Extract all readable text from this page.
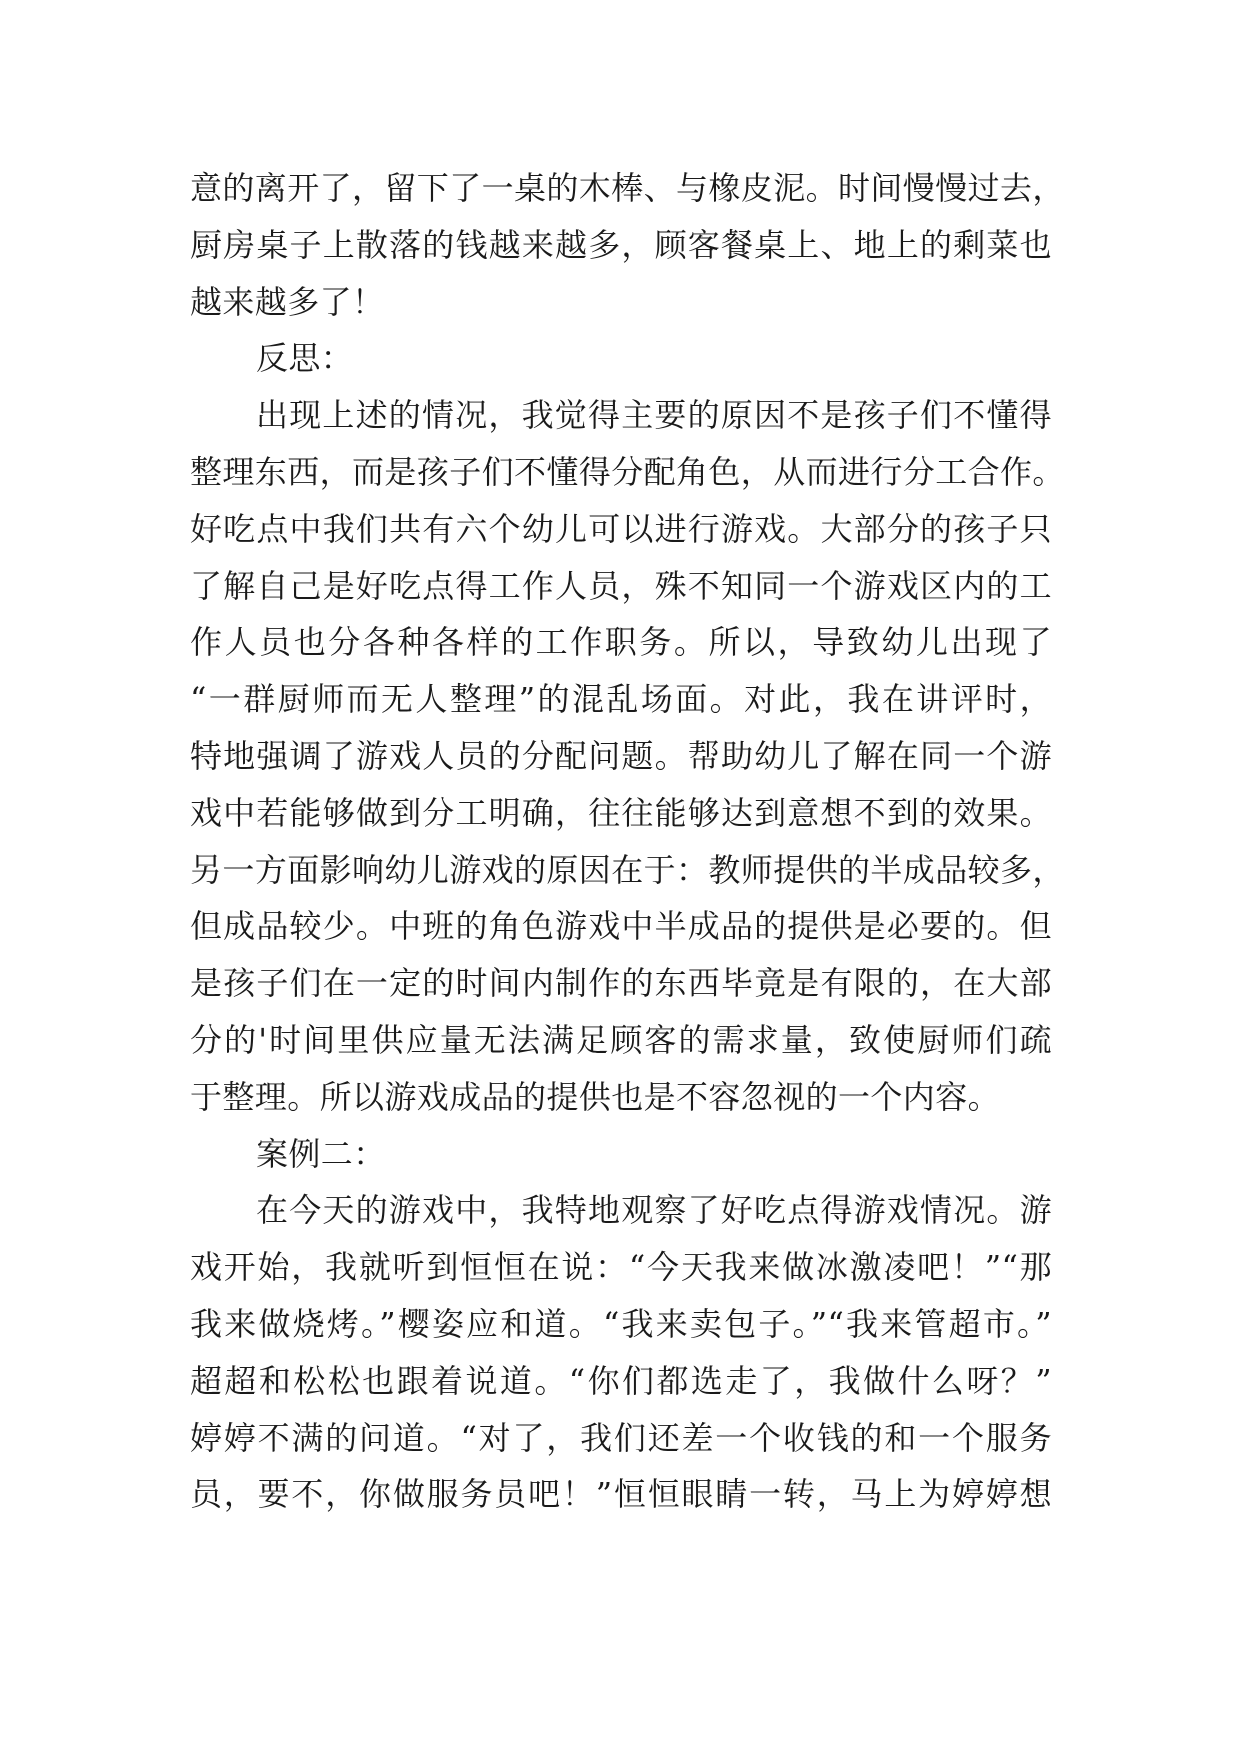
意的离开了，留下了一桌的木棒、与橡皮泥。时间慢慢过去，
厨房桌子上散落的钱越来越多，顾客餐桌上、地上的剩菜也
越来越多了！
反思：
出现上述的情况，我觉得主要的原因不是孩子们不懂得
整理东西，而是孩子们不懂得分配角色，从而进行分工合作。
好吃点中我们共有六个幼儿可以进行游戏。大部分的孩子只
了解自己是好吃点得工作人员，殊不知同一个游戏区内的工
作人员也分各种各样的工作职务。所以，导致幼儿出现了
“一群厨师而无人整理”的混乱场面。对此，我在讲评时，
特地强调了游戏人员的分配问题。帮助幼儿了解在同一个游
戏中若能够做到分工明确，往往能够达到意想不到的效果。
另一方面影响幼儿游戏的原因在于：教师提供的半成品较多，
但成品较少。中班的角色游戏中半成品的提供是必要的。但
是孩子们在一定的时间内制作的东西毕竟是有限的，在大部
分的'时间里供应量无法满足顾客的需求量，致使厨师们疏
于整理。所以游戏成品的提供也是不容忽视的一个内容。
案例二：
在今天的游戏中，我特地观察了好吃点得游戏情况。游
戏开始，我就听到恒恒在说：“今天我来做冰激凌吧！”“那
我来做烧烤。”樱姿应和道。“我来卖包子。”“我来管超市。”
超超和松松也跟着说道。“你们都选走了，我做什么呀？”
婷婷不满的问道。“对了，我们还差一个收钱的和一个服务
员，要不，你做服务员吧！”恒恒眼睛一转，马上为婷婷想
